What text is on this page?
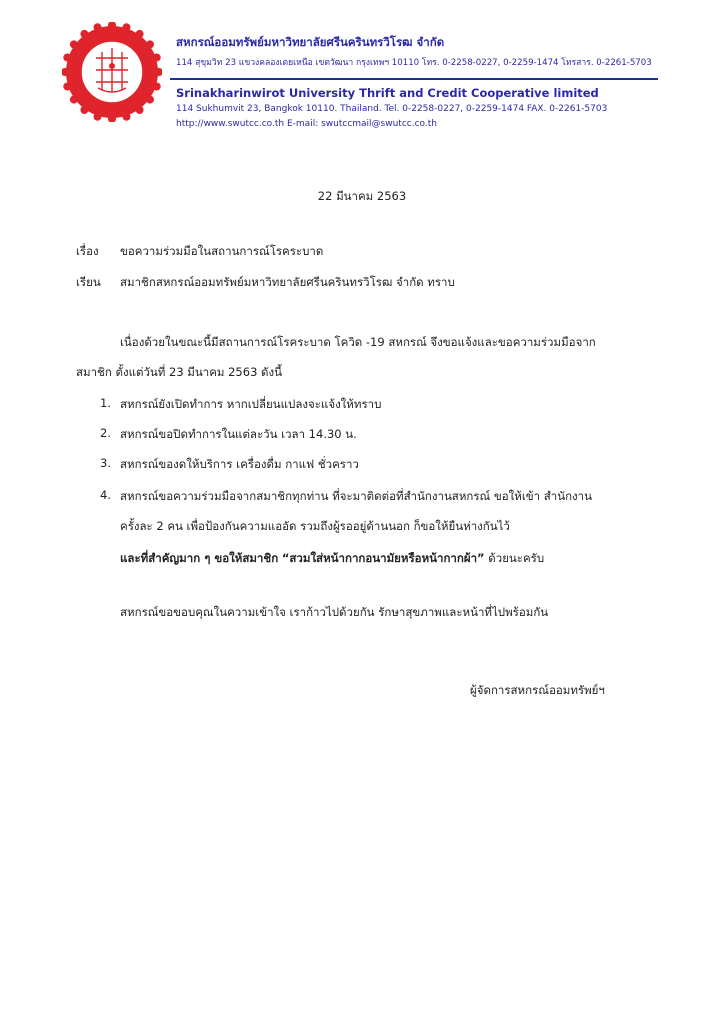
สหกรณ์ออมทรัพย์มหาวิทยาลัยศรีนครินทรวิโรฒ จำกัด
114 สุขุมวิท 23 แขวงคลองเตยเหนือ เขตวัฒนา กรุงเทพฯ 10110 โทร. 0-2258-0227, 0-2259-1474 โทรสาร. 0-2261-5703
Srinakharinwirot University Thrift and Credit Cooperative limited
114 Sukhumvit 23, Bangkok 10110. Thailand. Tel. 0-2258-0227, 0-2259-1474 FAX. 0-2261-5703
http://www.swutcc.co.th E-mail: swutccmail@swutcc.co.th
22 มีนาคม 2563
เรื่อง ขอความร่วมมือในสถานการณ์โรคระบาด
เรียน สมาชิกสหกรณ์ออมทรัพย์มหาวิทยาลัยศรีนครินทรวิโรฒ จำกัด ทราบ
เนื่องด้วยในขณะนี้มีสถานการณ์โรคระบาด โควิด -19 สหกรณ์ จึงขอแจ้งและขอความร่วมมือจาก
สมาชิก ตั้งแต่วันที่ 23 มีนาคม 2563 ดังนี้
1. สหกรณ์ยังเปิดทำการ หากเปลี่ยนแปลงจะแจ้งให้ทราบ
2. สหกรณ์ขอปิดทำการในแต่ละวัน เวลา 14.30 น.
3. สหกรณ์ของดให้บริการ เครื่องดื่ม กาแฟ ชั่วคราว
4. สหกรณ์ขอความร่วมมือจากสมาชิกทุกท่าน ที่จะมาติดต่อที่สำนักงานสหกรณ์ ขอให้เข้า สำนักงาน
ครั้งละ 2 คน เพื่อป้องกันความแออัด รวมถึงผู้รออยู่ด้านนอก ก็ขอให้ยืนห่างกันไว้
และที่สำคัญมาก ๆ ขอให้สมาชิก “สวมใส่หน้ากากอนามัยหรือหน้ากากผ้า” ด้วยนะครับ
สหกรณ์ขอขอบคุณในความเข้าใจ เราก้าวไปด้วยกัน รักษาสุขภาพและหน้าที่ไปพร้อมกัน
ผู้จัดการสหกรณ์ออมทรัพย์ฯ
